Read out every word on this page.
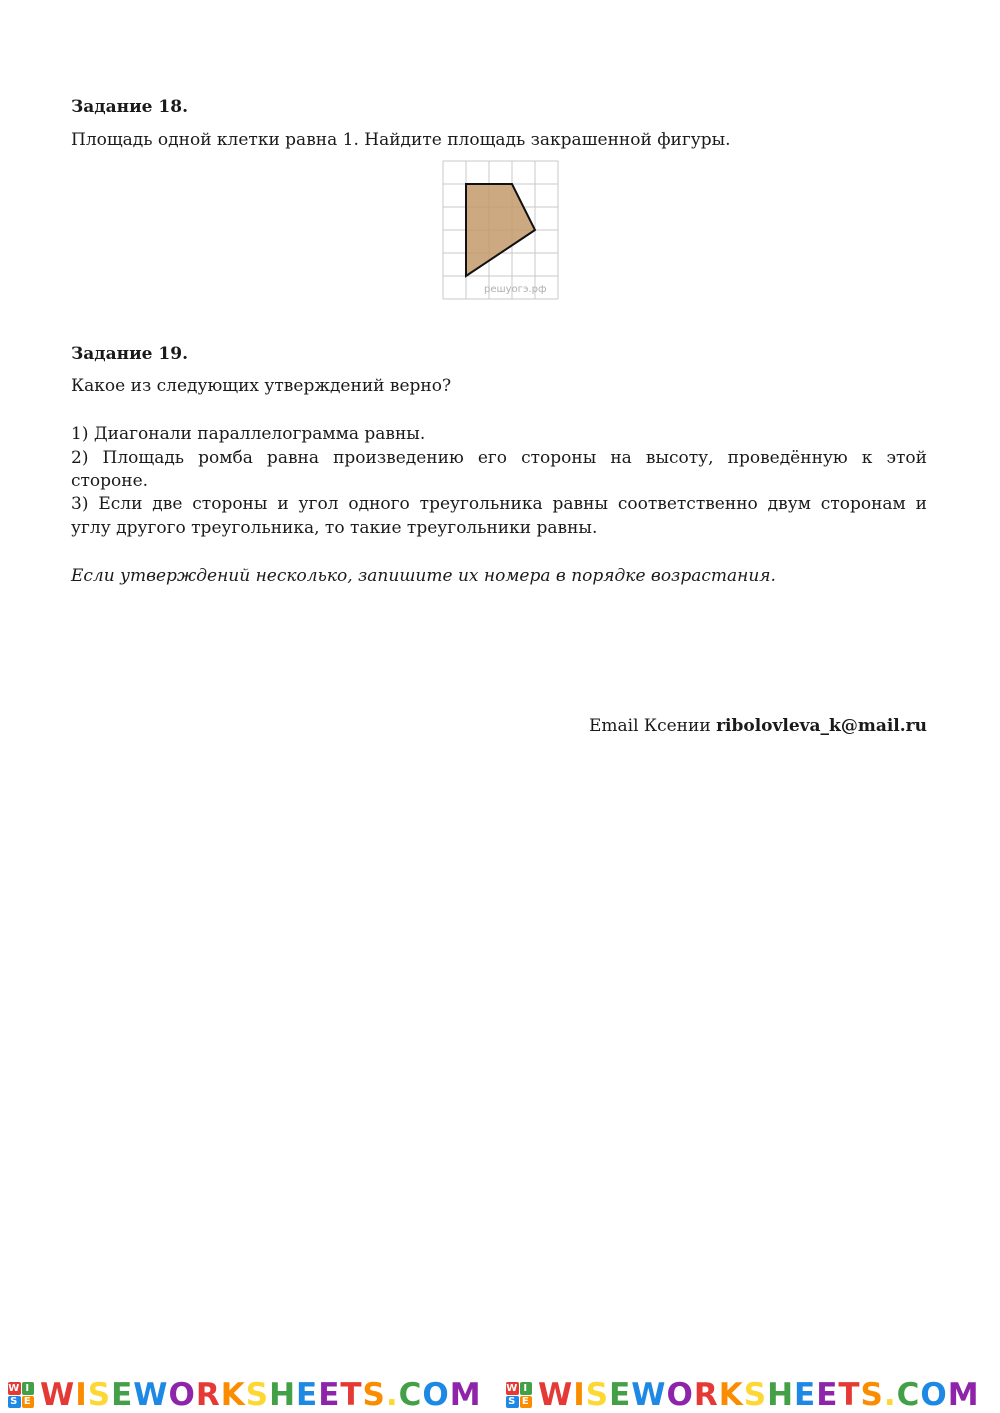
Задание 18.
Площадь одной клетки равна 1. Найдите площадь закрашенной фигуры.
решуогэ.рф
Задание 19.
Какое из следующих утверждений верно?
1) Диагонали параллелограмма равны.
2) Площадь ромба равна произведению его стороны на высоту, проведённую к этой
стороне.
3) Если две стороны и угол одного треугольника равны соответственно двум сторонам и
углу другого треугольника, то такие треугольники равны.
Если утверждений несколько, запишите их номера в порядке возрастания.
Email Ксении ribolovleva_k@mail.ru
W I
S E WISEWORKSHEETS.COM W I
S E WISEWORKSHEETS.COM
